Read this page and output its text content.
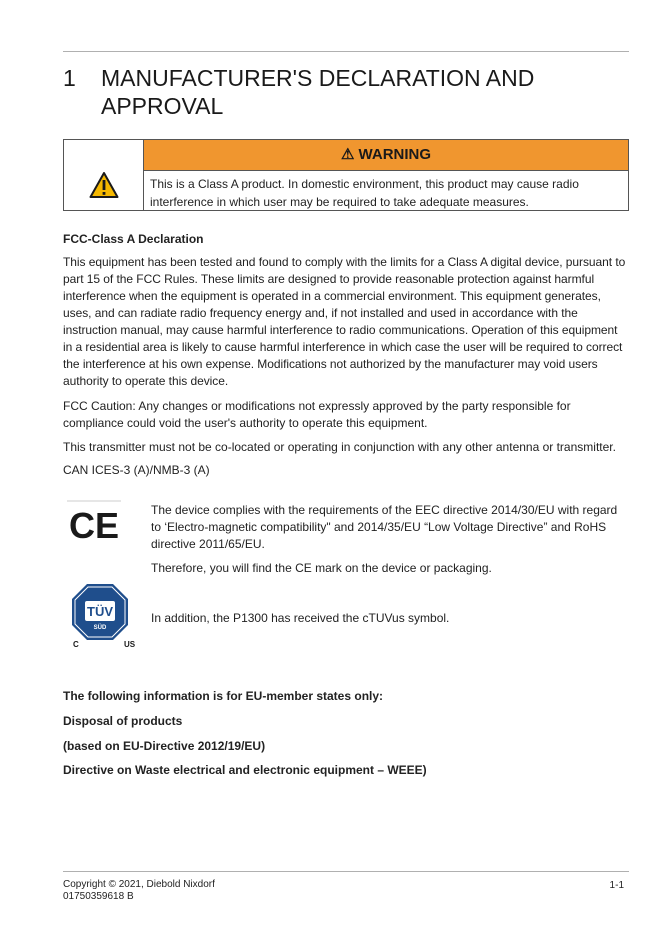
1 MANUFACTURER'S DECLARATION AND APPROVAL
⚠ WARNING
This is a Class A product. In domestic environment, this product may cause radio interference in which user may be required to take adequate measures.
FCC-Class A Declaration
This equipment has been tested and found to comply with the limits for a Class A digital device, pursuant to part 15 of the FCC Rules. These limits are designed to provide reasonable protection against harmful interference when the equipment is operated in a commercial environment. This equipment generates, uses, and can radiate radio frequency energy and, if not installed and used in accordance with the instruction manual, may cause harmful interference to radio communications. Operation of this equipment in a residential area is likely to cause harmful interference in which case the user will be required to correct the interference at his own expense. Modifications not authorized by the manufacturer may void users authority to operate this device.
FCC Caution: Any changes or modifications not expressly approved by the party responsible for compliance could void the user's authority to operate this equipment.
This transmitter must not be co-located or operating in conjunction with any other antenna or transmitter.
CAN ICES-3 (A)/NMB-3 (A)
CE	The device complies with the requirements of the EEC directive 2014/30/EU with regard to ‘Electro-magnetic compatibility" and 2014/35/EU “Low Voltage Directive” and RoHS directive 2011/65/EU.
Therefore, you will find the CE mark on the device or packaging.
TÜV
SÜD
C	US
In addition, the P1300 has received the cTUVus symbol.
The following information is for EU-member states only:
Disposal of products
(based on EU-Directive 2012/19/EU)
Directive on Waste electrical and electronic equipment – WEEE)
Copyright © 2021, Diebold Nixdorf
01750359618 B
1-1
